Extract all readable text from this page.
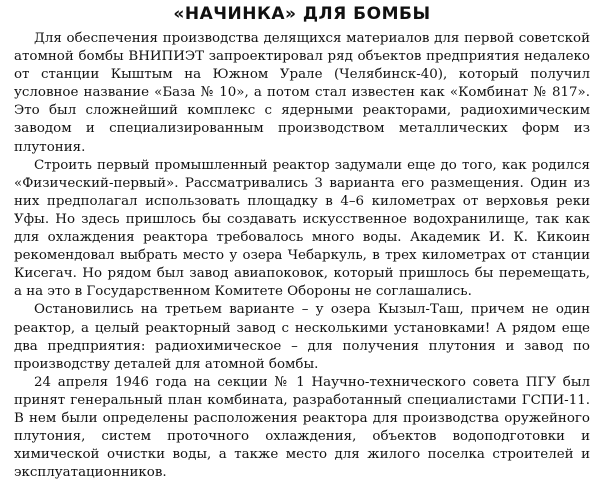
«НАЧИНКА» ДЛЯ БОМБЫ

Для обеспечения производства делящихся материалов для первой советской атомной бомбы ВНИПИЭТ запроектировал ряд объектов предприятия недалеко от станции Кыштым на Южном Урале (Челябинск-40), который получил условное название «База № 10», а потом стал известен как «Комбинат № 817». Это был сложнейший комплекс с ядерными реакторами, радиохимическим заводом и специализированным производством металлических форм из плутония.

Строить первый промышленный реактор задумали еще до того, как родился «Физический-первый». Рассматривались 3 варианта его размещения. Один из них предполагал использовать площадку в 4–6 километрах от верховья реки Уфы. Но здесь пришлось бы создавать искусственное водохранилище, так как для охлаждения реактора требовалось много воды. Академик И. К. Кикоин рекомендовал выбрать место у озера Чебаркуль, в трех километрах от станции Кисегач. Но рядом был завод авиапоковок, который пришлось бы перемещать, а на это в Государственном Комитете Обороны не соглашались.

Остановились на третьем варианте – у озера Кызыл-Таш, причем не один реактор, а целый реакторный завод с несколькими установками! А рядом еще два предприятия: радиохимическое – для получения плутония и завод по производству деталей для атомной бомбы.

24 апреля 1946 года на секции № 1 Научно-технического совета ПГУ был принят генеральный план комбината, разработанный специалистами ГСПИ-11. В нем были определены расположения реактора для производства оружейного плутония, систем проточного охлаждения, объектов водоподготовки и химической очистки воды, а также место для жилого поселка строителей и эксплуатационников.
